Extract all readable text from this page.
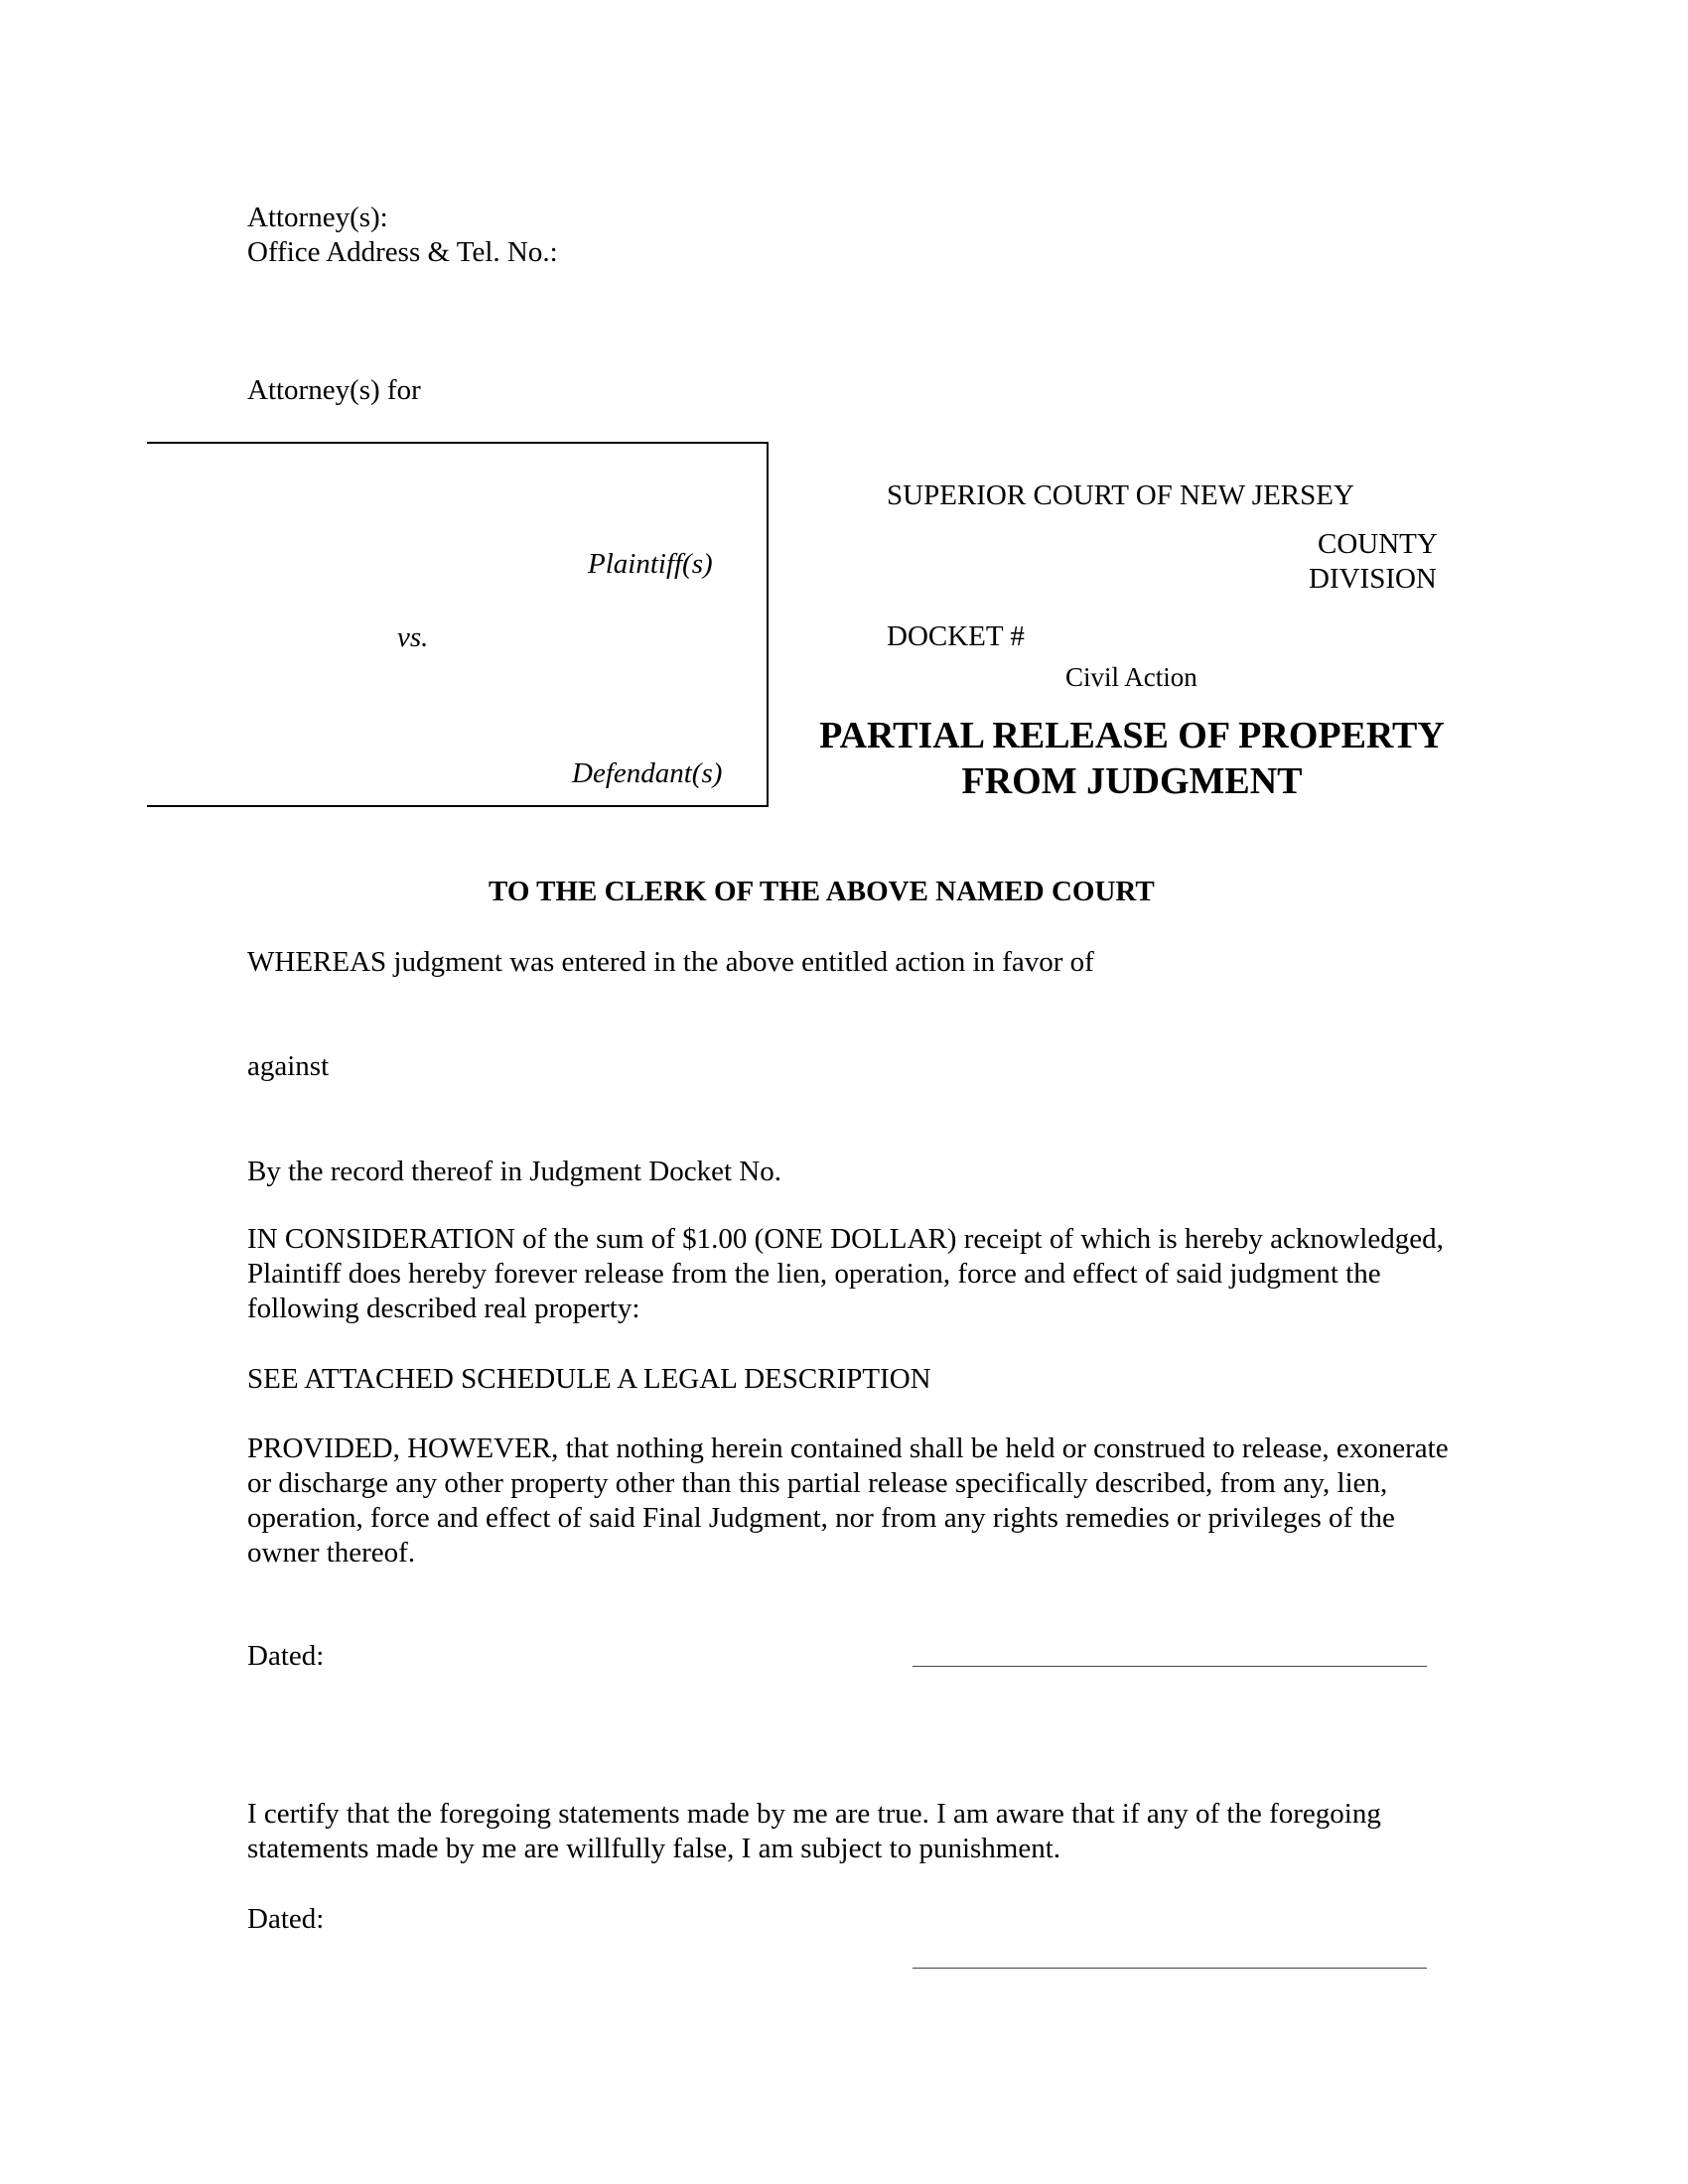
Attorney(s):
Office Address & Tel. No.:
Attorney(s) for
Plaintiff(s)
vs.
Defendant(s)
SUPERIOR COURT OF NEW JERSEY
COUNTY
DIVISION
DOCKET #
Civil Action
PARTIAL RELEASE OF PROPERTY
FROM JUDGMENT
TO THE CLERK OF THE ABOVE NAMED COURT
WHEREAS judgment was entered in the above entitled action in favor of
against
By the record thereof in Judgment Docket No.
IN CONSIDERATION of the sum of $1.00 (ONE DOLLAR) receipt of which is hereby acknowledged, Plaintiff does hereby forever release from the lien, operation, force and effect of said judgment the following described real property:
SEE ATTACHED SCHEDULE A LEGAL DESCRIPTION
PROVIDED, HOWEVER, that nothing herein contained shall be held or construed to release, exonerate or discharge any other property other than this partial release specifically described, from any, lien, operation, force and effect of said Final Judgment, nor from any rights remedies or privileges of the owner thereof.
Dated:
I certify that the foregoing statements made by me are true. I am aware that if any of the foregoing statements made by me are willfully false, I am subject to punishment.
Dated:
